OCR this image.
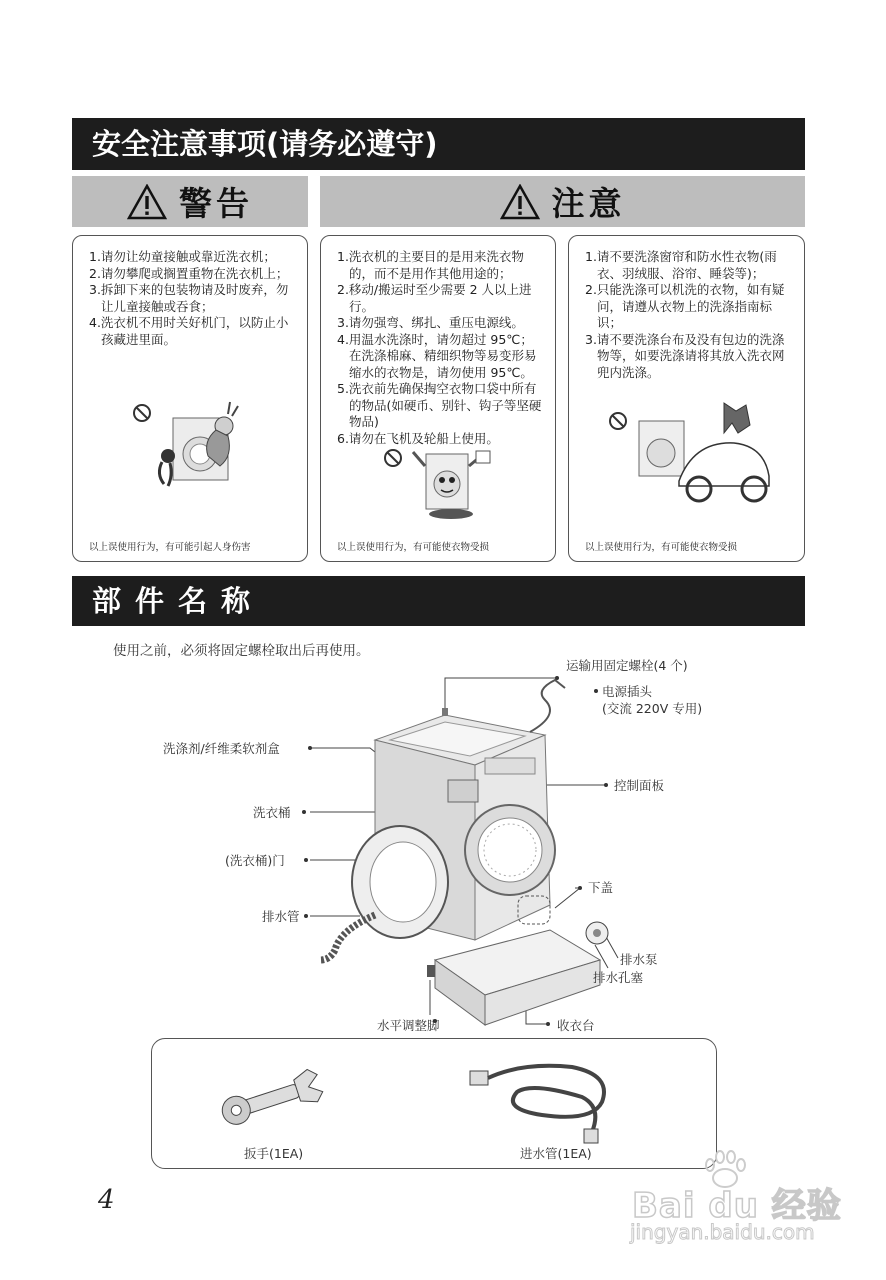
安全注意事项(请务必遵守)
警告	注意
1.请勿让幼童接触或靠近洗衣机；
2.请勿攀爬或搁置重物在洗衣机上；
3.拆卸下来的包装物请及时废弃，勿让儿童接触或吞食；
4.洗衣机不用时关好机门，以防止小孩藏进里面。
以上误使用行为，有可能引起人身伤害
1.洗衣机的主要目的是用来洗衣物的，而不是用作其他用途的；
2.移动/搬运时至少需要 2 人以上进行。
3.请勿强弯、绑扎、重压电源线。
4.用温水洗涤时，请勿超过 95℃；在洗涤棉麻、精细织物等易变形易缩水的衣物是，请勿使用 95℃。
5.洗衣前先确保掏空衣物口袋中所有的物品(如硬币、别针、钩子等坚硬物品)
6.请勿在飞机及轮船上使用。
以上误使用行为，有可能使衣物受损
1.请不要洗涤窗帘和防水性衣物(雨衣、羽绒服、浴帘、睡袋等)；
2.只能洗涤可以机洗的衣物，如有疑问，请遵从衣物上的洗涤指南标识；
3.请不要洗涤台布及没有包边的洗涤物等，如要洗涤请将其放入洗衣网兜内洗涤。
以上误使用行为，有可能使衣物受损
部件名称
使用之前，必须将固定螺栓取出后再使用。
运输用固定螺栓(4 个)
电源插头
(交流 220V 专用)
洗涤剂/纤维柔软剂盒
控制面板
洗衣桶
(洗衣桶)门
下盖
排水管
排水泵
排水孔塞
水平调整脚	收衣台
扳手(1EA)	进水管(1EA)
4	Bai du 经验
jingyan.baidu.com
